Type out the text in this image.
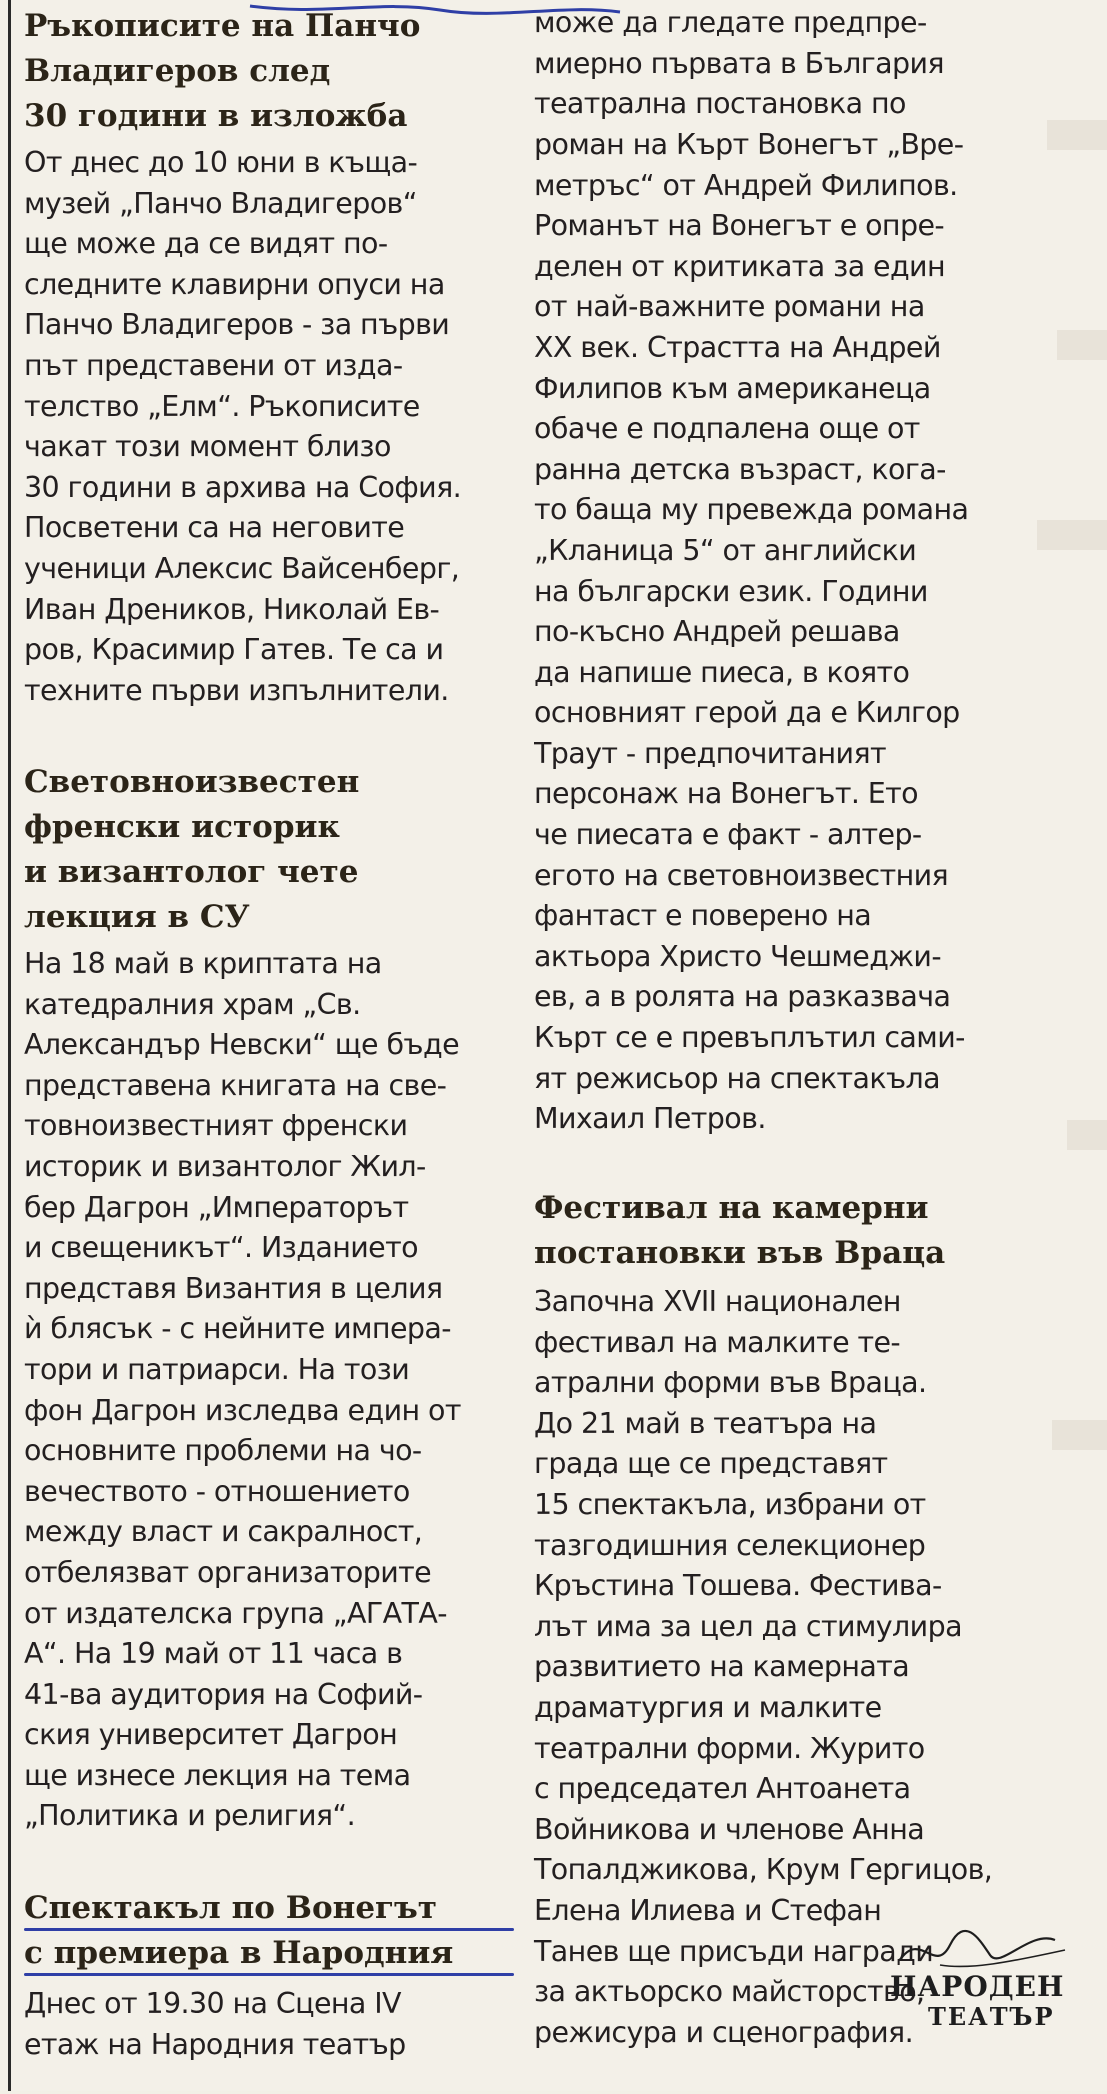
Ръкописите на Панчо
Владигеров след
30 години в изложба

От днес до 10 юни в къща-
музей „Панчо Владигеров“
ще може да се видят по-
следните клавирни опуси на
Панчо Владигеров - за първи
път представени от изда-
телство „Елм“. Ръкописите
чакат този момент близо
30 години в архива на София.
Посветени са на неговите
ученици Алексис Вайсенберг,
Иван Дреников, Николай Ев-
ров, Красимир Гатев. Те са и
техните първи изпълнители.

Световноизвестен
френски историк
и византолог чете
лекция в СУ

На 18 май в криптата на
катедралния храм „Св.
Александър Невски“ ще бъде
представена книгата на све-
товноизвестният френски
историк и византолог Жил-
бер Дагрон „Императорът
и свещеникът“. Изданието
представя Византия в целия
ѝ блясък - с нейните импера-
тори и патриарси. На този
фон Дагрон изследва един от
основните проблеми на чо-
вечеството - отношението
между власт и сакралност,
отбелязват организаторите
от издателска група „АГАТА-
А“. На 19 май от 11 часа в
41-ва аудитория на Софий-
ския университет Дагрон
ще изнесе лекция на тема
„Политика и религия“.

Спектакъл по Вонегът
с премиера в Народния

Днес от 19.30 на Сцена IV
етаж на Народния театър

може да гледате предпре-
миерно първата в България
театрална постановка по
роман на Кърт Вонегът „Вре-
метръс“ от Андрей Филипов.
Романът на Вонегът е опре-
делен от критиката за един
от най-важните романи на
XX век. Страстта на Андрей
Филипов към американеца
обаче е подпалена още от
ранна детска възраст, кога-
то баща му превежда романа
„Кланица 5“ от английски
на български език. Години
по-късно Андрей решава
да напише пиеса, в която
основният герой да е Килгор
Траут - предпочитаният
персонаж на Вонегът. Ето
че пиесата е факт - алтер-
егото на световноизвестния
фантаст е поверено на
актьора Христо Чешмеджи-
ев, а в ролята на разказвача
Кърт се е превъплътил сами-
ят режисьор на спектакъла
Михаил Петров.

Фестивал на камерни
постановки във Враца

Започна XVII национален
фестивал на малките те-
атрални форми във Враца.
До 21 май в театъра на
града ще се представят
15 спектакъла, избрани от
тазгодишния селекционер
Кръстина Тошева. Фестива-
лът има за цел да стимулира
развитието на камерната
драматургия и малките
театрални форми. Журито
с председател Антоанета
Войникова и членове Анна
Топалджикова, Крум Гергицов,
Елена Илиева и Стефан
Танев ще присъди награди
за актьорско майсторство,
режисура и сценография.

НАРОДЕН
ТЕАТЪР
